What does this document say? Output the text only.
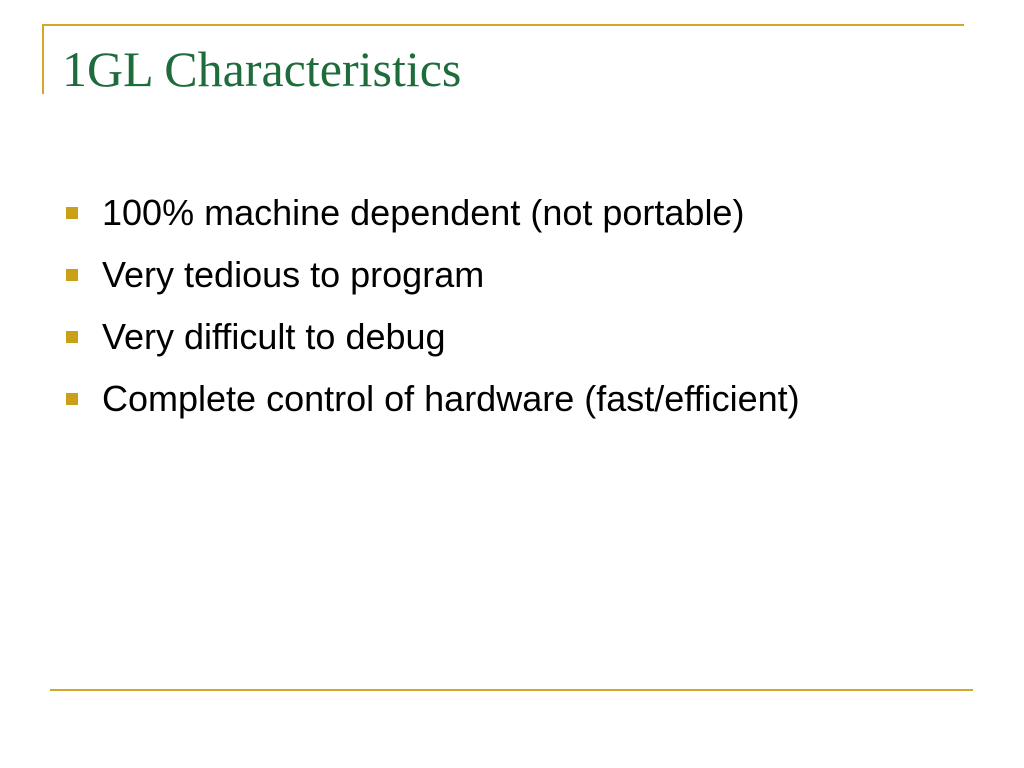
1GL Characteristics
100% machine dependent (not portable)
Very tedious to program
Very difficult to debug
Complete control of hardware (fast/efficient)
